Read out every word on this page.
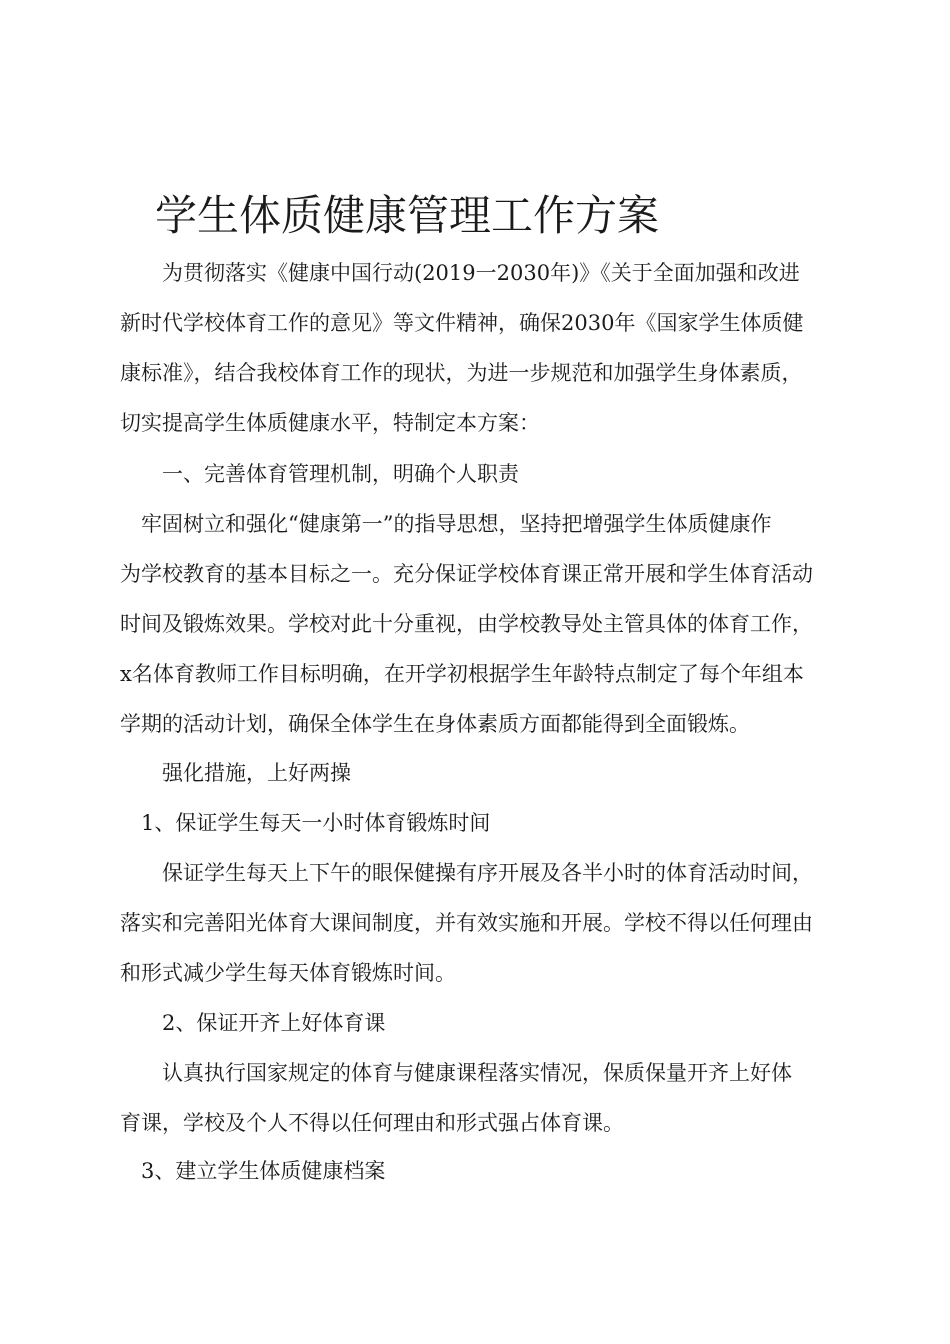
学生体质健康管理工作方案
　　为贯彻落实《健康中国行动(2019一2030年)》《关于全面加强和改进
新时代学校体育工作的意见》等文件精神，确保2030年《国家学生体质健
康标准》，结合我校体育工作的现状，为进一步规范和加强学生身体素质，
切实提高学生体质健康水平，特制定本方案：
　　一、完善体育管理机制，明确个人职责
　牢固树立和强化“健康第一”的指导思想，坚持把增强学生体质健康作
为学校教育的基本目标之一。充分保证学校体育课正常开展和学生体育活动
时间及锻炼效果。学校对此十分重视，由学校教导处主管具体的体育工作，
x名体育教师工作目标明确，在开学初根据学生年龄特点制定了每个年组本
学期的活动计划，确保全体学生在身体素质方面都能得到全面锻炼。
　　强化措施，上好两操
　1、保证学生每天一小时体育锻炼时间
　　保证学生每天上下午的眼保健操有序开展及各半小时的体育活动时间，
落实和完善阳光体育大课间制度，并有效实施和开展。学校不得以任何理由
和形式减少学生每天体育锻炼时间。
　　2、保证开齐上好体育课
　　认真执行国家规定的体育与健康课程落实情况，保质保量开齐上好体
育课，学校及个人不得以任何理由和形式强占体育课。
　3、建立学生体质健康档案
